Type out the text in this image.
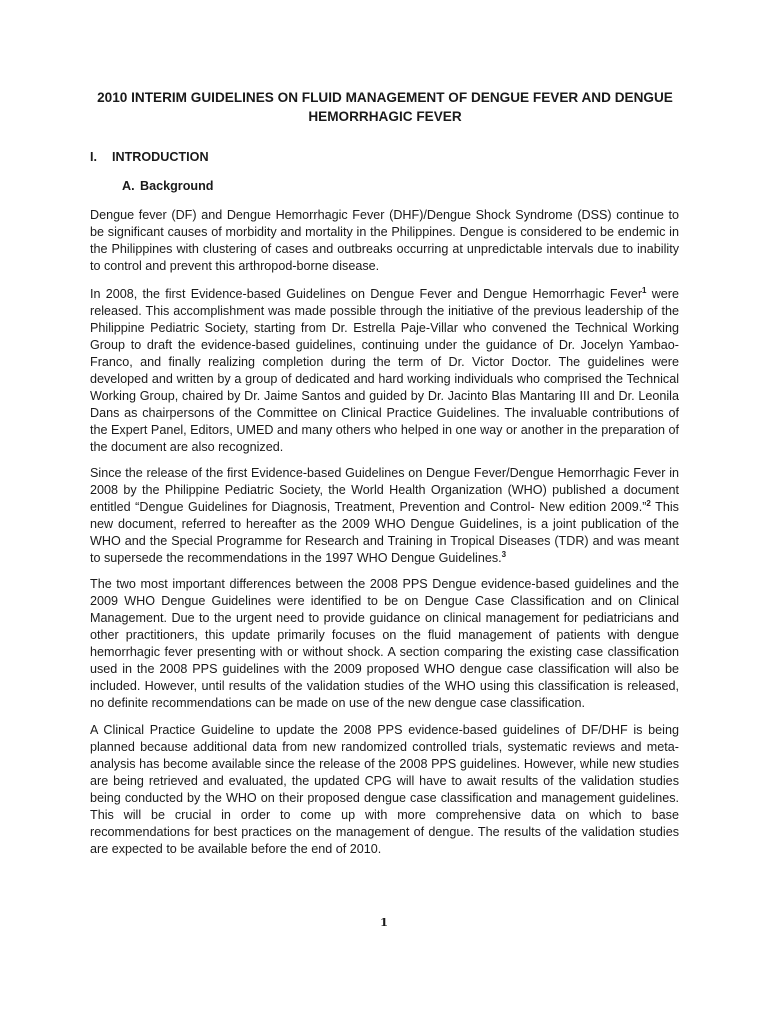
2010 INTERIM GUIDELINES ON FLUID MANAGEMENT OF DENGUE FEVER AND DENGUE HEMORRHAGIC FEVER
I. INTRODUCTION
A. Background

Dengue fever (DF) and Dengue Hemorrhagic Fever (DHF)/Dengue Shock Syndrome (DSS) continue to be significant causes of morbidity and mortality in the Philippines. Dengue is considered to be endemic in the Philippines with clustering of cases and outbreaks occurring at unpredictable intervals due to inability to control and prevent this arthropod-borne disease.

In 2008, the first Evidence-based Guidelines on Dengue Fever and Dengue Hemorrhagic Fever$^1$ were released. This accomplishment was made possible through the initiative of the previous leadership of the Philippine Pediatric Society, starting from Dr. Estrella Paje-Villar who convened the Technical Working Group to draft the evidence-based guidelines, continuing under the guidance of Dr. Jocelyn Yambao-Franco, and finally realizing completion during the term of Dr. Victor Doctor. The guidelines were developed and written by a group of dedicated and hard working individuals who comprised the Technical Working Group, chaired by Dr. Jaime Santos and guided by Dr. Jacinto Blas Mantaring III and Dr. Leonila Dans as chairpersons of the Committee on Clinical Practice Guidelines. The invaluable contributions of the Expert Panel, Editors, UMED and many others who helped in one way or another in the preparation of the document are also recognized.

Since the release of the first Evidence-based Guidelines on Dengue Fever/Dengue Hemorrhagic Fever in 2008 by the Philippine Pediatric Society, the World Health Organization (WHO) published a document entitled “Dengue Guidelines for Diagnosis, Treatment, Prevention and Control- New edition 2009.”$^2$ This new document, referred to hereafter as the 2009 WHO Dengue Guidelines, is a joint publication of the WHO and the Special Programme for Research and Training in Tropical Diseases (TDR) and was meant to supersede the recommendations in the 1997 WHO Dengue Guidelines.$^3$

The two most important differences between the 2008 PPS Dengue evidence-based guidelines and the 2009 WHO Dengue Guidelines were identified to be on Dengue Case Classification and on Clinical Management. Due to the urgent need to provide guidance on clinical management for pediatricians and other practitioners, this update primarily focuses on the fluid management of patients with dengue hemorrhagic fever presenting with or without shock. A section comparing the existing case classification used in the 2008 PPS guidelines with the 2009 proposed WHO dengue case classification will also be included. However, until results of the validation studies of the WHO using this classification is released, no definite recommendations can be made on use of the new dengue case classification.

A Clinical Practice Guideline to update the 2008 PPS evidence-based guidelines of DF/DHF is being planned because additional data from new randomized controlled trials, systematic reviews and meta-analysis has become available since the release of the 2008 PPS guidelines. However, while new studies are being retrieved and evaluated, the updated CPG will have to await results of the validation studies being conducted by the WHO on their proposed dengue case classification and management guidelines. This will be crucial in order to come up with more comprehensive data on which to base recommendations for best practices on the management of dengue. The results of the validation studies are expected to be available before the end of 2010.

1
